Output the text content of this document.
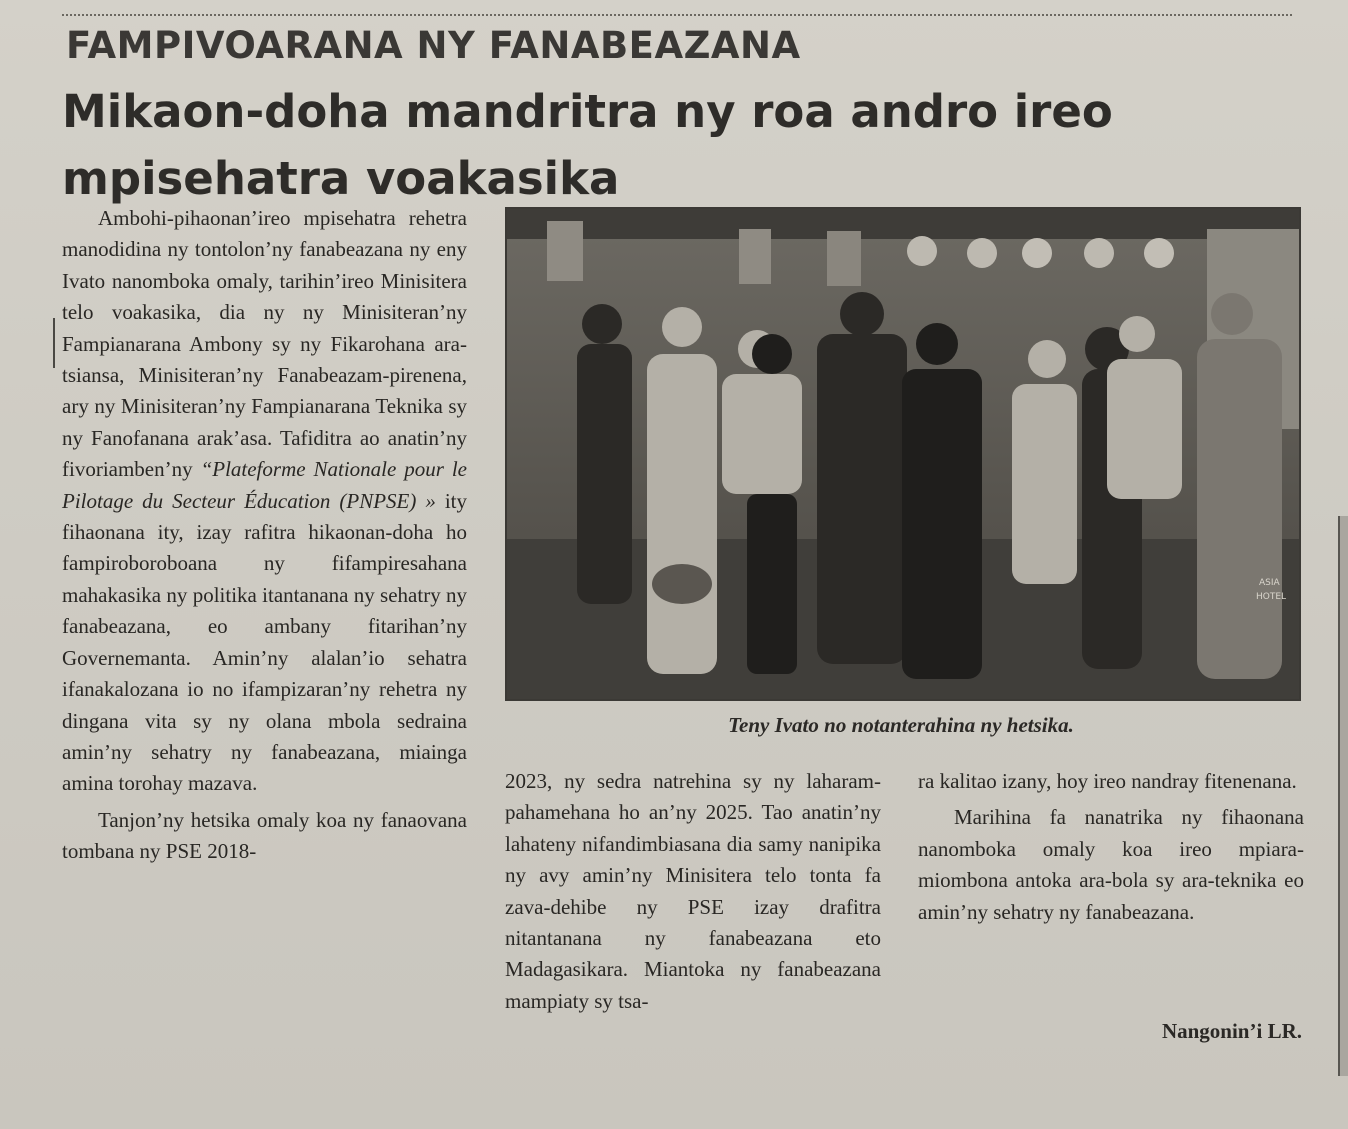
FAMPIVOARANA NY FANABEAZANA
Mikaon-doha mandritra ny roa andro ireo mpisehatra voakasika

Ambohi-pihaonan’ireo mpisehatra rehetra manodidina ny tontolon’ny fanabeazana ny eny Ivato nanomboka omaly, tarihin’ireo Minisitera telo voakasika, dia ny ny Minisiteran’ny Fampianarana Ambony sy ny Fikarohana ara-tsiansa, Minisiteran’ny Fanabeazam-pirenena, ary ny Minisiteran’ny Fampianarana Teknika sy ny Fanofanana arak’asa. Tafiditra ao anatin’ny fivoriamben’ny “Plateforme Nationale pour le Pilotage du Secteur Éducation (PNPSE) » ity fihaonana ity, izay rafitra hikaonan-doha ho fampiroboroboana ny fifampiresahana mahakasika ny politika itantanana ny sehatry ny fanabeazana, eo ambany fitarihan’ny Governemanta. Amin’ny alalan’io sehatra ifanakalozana io no ifampizaran’ny rehetra ny dingana vita sy ny olana mbola sedraina amin’ny sehatry ny fanabeazana, miainga amina torohay mazava.

Tanjon’ny hetsika omaly koa ny fanaovana tombana ny PSE 2018-

ASIA
HOTEL
Teny Ivato no notanterahina ny hetsika.

2023, ny sedra natrehina sy ny laharam-pahamehana ho an’ny 2025. Tao anatin’ny lahateny nifandimbiasana dia samy nanipika ny avy amin’ny Minisitera telo tonta fa zava-dehibe ny PSE izay drafitra nitantanana ny fanabeazana eto Madagasikara. Miantoka ny fanabeazana mampiaty sy tsa-

ra kalitao izany, hoy ireo nandray fitenenana.

Marihina fa nanatrika ny fihaonana nanomboka omaly koa ireo mpiara-miombona antoka ara-bola sy ara-teknika eo amin’ny sehatry ny fanabeazana.

Nangonin’i LR.
